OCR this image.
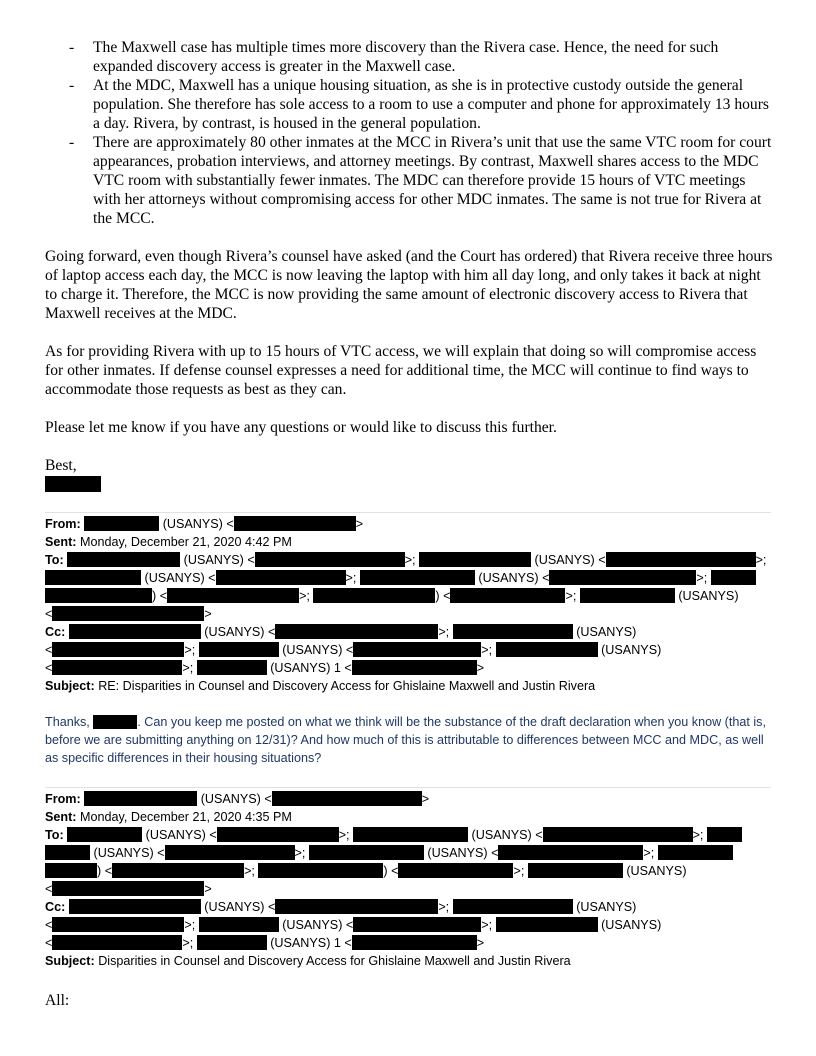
- The Maxwell case has multiple times more discovery than the Rivera case. Hence, the need for such expanded discovery access is greater in the Maxwell case.
- At the MDC, Maxwell has a unique housing situation, as she is in protective custody outside the general population. She therefore has sole access to a room to use a computer and phone for approximately 13 hours a day. Rivera, by contrast, is housed in the general population.
- There are approximately 80 other inmates at the MCC in Rivera’s unit that use the same VTC room for court appearances, probation interviews, and attorney meetings. By contrast, Maxwell shares access to the MDC VTC room with substantially fewer inmates. The MDC can therefore provide 15 hours of VTC meetings with her attorneys without compromising access for other MDC inmates. The same is not true for Rivera at the MCC.

Going forward, even though Rivera’s counsel have asked (and the Court has ordered) that Rivera receive three hours of laptop access each day, the MCC is now leaving the laptop with him all day long, and only takes it back at night to charge it. Therefore, the MCC is now providing the same amount of electronic discovery access to Rivera that Maxwell receives at the MDC.

As for providing Rivera with up to 15 hours of VTC access, we will explain that doing so will compromise access for other inmates. If defense counsel expresses a need for additional time, the MCC will continue to find ways to accommodate those requests as best as they can.

Please let me know if you have any questions or would like to discuss this further.

Best,

From:	(USANYS) <	>
Sent: Monday, December 21, 2020 4:42 PM
To:	(USANYS) <	>;	(USANYS) <	>;
(USANYS) <	>;	(USANYS) <	>;
) <	>;	) <	>;	(USANYS)
<	>
Cc:	(USANYS) <	>;	(USANYS)
<	>;	(USANYS) <	>;	(USANYS)
<	>;	(USANYS) 1 <	>
Subject: RE: Disparities in Counsel and Discovery Access for Ghislaine Maxwell and Justin Rivera

Thanks,	. Can you keep me posted on what we think will be the substance of the draft declaration when you know (that is, before we are submitting anything on 12/31)? And how much of this is attributable to differences between MCC and MDC, as well as specific differences in their housing situations?

From:	(USANYS) <	>
Sent: Monday, December 21, 2020 4:35 PM
To:	(USANYS) <	>;	(USANYS) <	>;
(USANYS) <	>;	(USANYS) <	>;
) <	>;	) <	>;	(USANYS)
<	>
Cc:	(USANYS) <	>;	(USANYS)
<	>;	(USANYS) <	>;	(USANYS)
<	>;	(USANYS) 1 <	>
Subject: Disparities in Counsel and Discovery Access for Ghislaine Maxwell and Justin Rivera

All:
